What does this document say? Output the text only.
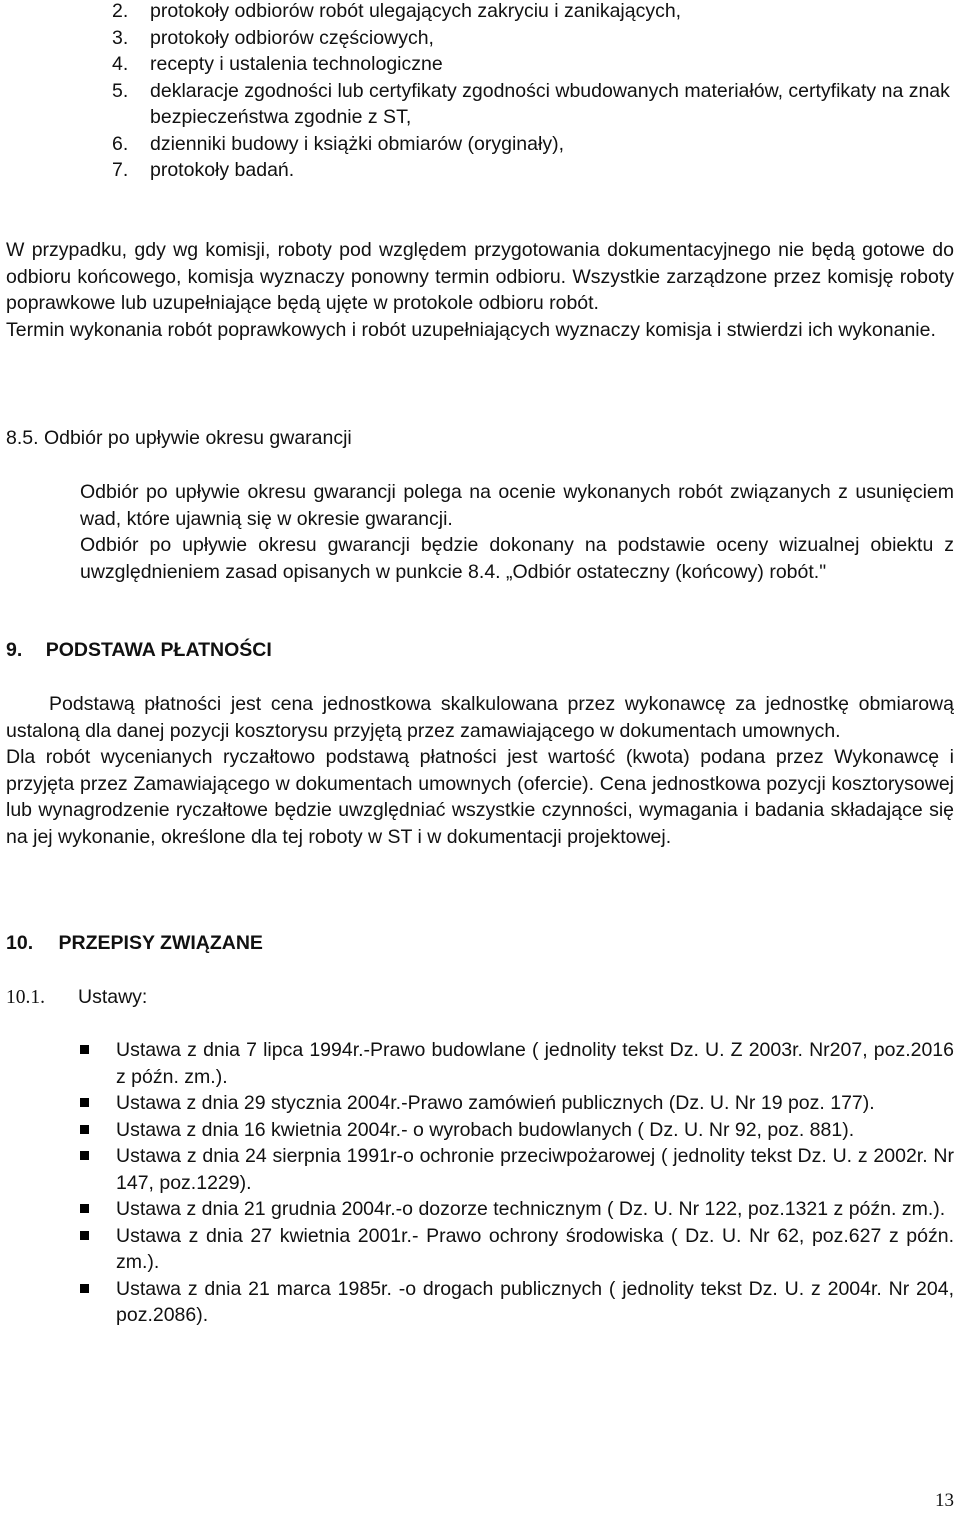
2. protokoły odbiorów robót ulegających zakryciu i zanikających,
3. protokoły odbiorów częściowych,
4. recepty i ustalenia technologiczne
5. deklaracje zgodności lub certyfikaty zgodności wbudowanych materiałów, certyfikaty na znak bezpieczeństwa zgodnie z ST,
6. dzienniki budowy i książki obmiarów (oryginały),
7. protokoły badań.

W przypadku, gdy wg komisji, roboty pod względem przygotowania dokumentacyjnego nie będą gotowe do odbioru końcowego, komisja wyznaczy ponowny termin odbioru. Wszystkie zarządzone przez komisję roboty poprawkowe lub uzupełniające będą ujęte w protokole odbioru robót.

Termin wykonania robót poprawkowych i robót uzupełniających wyznaczy komisja i stwierdzi ich wykonanie.

8.5. Odbiór po upływie okresu gwarancji

Odbiór po upływie okresu gwarancji polega na ocenie wykonanych robót związanych z usunięciem wad, które ujawnią się w okresie gwarancji.

Odbiór po upływie okresu gwarancji będzie dokonany na podstawie oceny wizualnej obiektu z uwzględnieniem zasad opisanych w punkcie 8.4. „Odbiór ostateczny (końcowy) robót."

9. PODSTAWA PŁATNOŚCI

Podstawą płatności jest cena jednostkowa skalkulowana przez wykonawcę za jednostkę obmiarową ustaloną dla danej pozycji kosztorysu przyjętą przez zamawiającego w dokumentach umownych.

Dla robót wycenianych ryczałtowo podstawą płatności jest wartość (kwota) podana przez Wykonawcę i przyjęta przez Zamawiającego w dokumentach umownych (ofercie). Cena jednostkowa pozycji kosztorysowej lub wynagrodzenie ryczałtowe będzie uwzględniać wszystkie czynności, wymagania i badania składające się na jej wykonanie, określone dla tej roboty w ST i w dokumentacji projektowej.

10. PRZEPISY ZWIĄZANE
10.1. Ustawy:
Ustawa z dnia 7 lipca 1994r.-Prawo budowlane ( jednolity tekst Dz. U. Z 2003r. Nr207, poz.2016 z późn. zm.).
Ustawa z dnia 29 stycznia 2004r.-Prawo zamówień publicznych (Dz. U. Nr 19 poz. 177).
Ustawa z dnia 16 kwietnia 2004r.- o wyrobach budowlanych ( Dz. U. Nr 92, poz. 881).
Ustawa z dnia 24 sierpnia 1991r-o ochronie przeciwpożarowej ( jednolity tekst Dz. U. z 2002r. Nr 147, poz.1229).
Ustawa z dnia 21 grudnia 2004r.-o dozorze technicznym ( Dz. U. Nr 122, poz.1321 z późn. zm.).
Ustawa z dnia 27 kwietnia 2001r.- Prawo ochrony środowiska ( Dz. U. Nr 62, poz.627 z późn. zm.).
Ustawa z dnia 21 marca 1985r. -o drogach publicznych ( jednolity tekst Dz. U. z 2004r. Nr 204, poz.2086).
13
